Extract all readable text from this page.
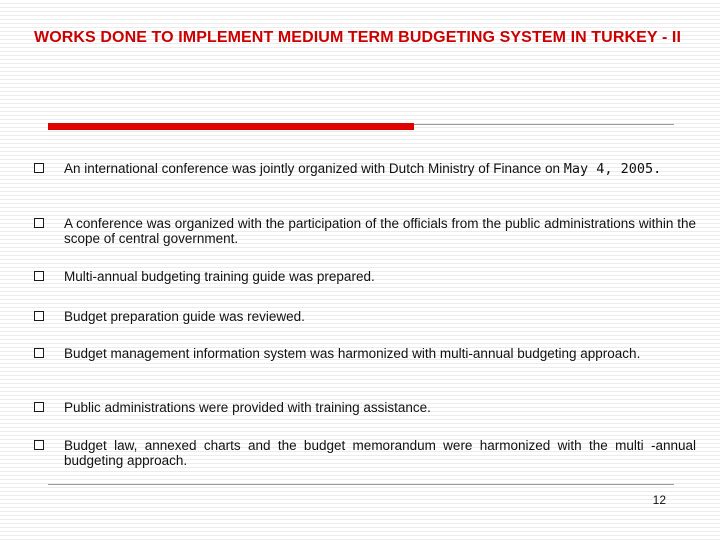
WORKS DONE TO IMPLEMENT MEDIUM TERM BUDGETING SYSTEM IN TURKEY - II
An international conference was jointly organized with Dutch Ministry of Finance on May 4, 2005.
A conference was organized with the participation of the officials from the public administrations within the scope of central government.
Multi-annual budgeting training guide was prepared.
Budget preparation guide was reviewed.
Budget management information system was harmonized with multi-annual budgeting approach.
Public administrations were provided with training assistance.
Budget law, annexed charts and the budget memorandum were harmonized with the multi -annual budgeting approach.
12
